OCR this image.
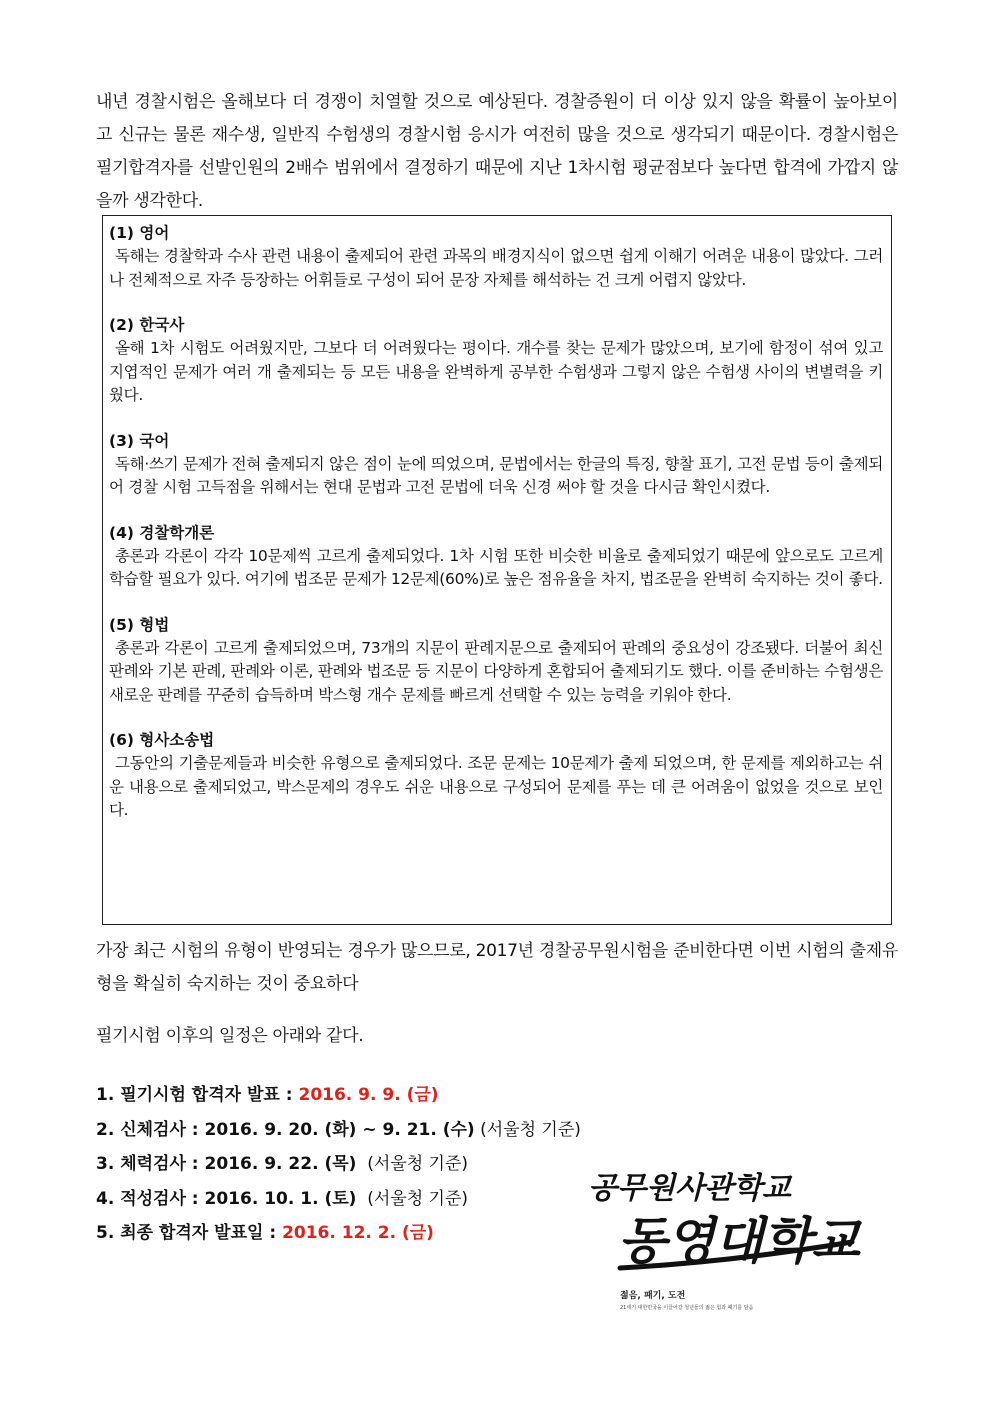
내년 경찰시험은 올해보다 더 경쟁이 치열할 것으로 예상된다. 경찰증원이 더 이상 있지 않을 확률이 높아보이고 신규는 물론 재수생, 일반직 수험생의 경찰시험 응시가 여전히 많을 것으로 생각되기 때문이다. 경찰시험은 필기합격자를 선발인원의 2배수 범위에서 결정하기 때문에 지난 1차시험 평균점보다 높다면 합격에 가깝지 않을까 생각한다.

(1) 영어

독해는 경찰학과 수사 관련 내용이 출제되어 관련 과목의 배경지식이 없으면 쉽게 이해기 어려운 내용이 많았다. 그러나 전체적으로 자주 등장하는 어휘들로 구성이 되어 문장 자체를 해석하는 건 크게 어렵지 않았다.

(2) 한국사

올해 1차 시험도 어려웠지만, 그보다 더 어려웠다는 평이다. 개수를 찾는 문제가 많았으며, 보기에 함정이 섞여 있고 지엽적인 문제가 여러 개 출제되는 등 모든 내용을 완벽하게 공부한 수험생과 그렇지 않은 수험생 사이의 변별력을 키웠다.

(3) 국어

독해·쓰기 문제가 전혀 출제되지 않은 점이 눈에 띄었으며, 문법에서는 한글의 특징, 향찰 표기, 고전 문법 등이 출제되어 경찰 시험 고득점을 위해서는 현대 문법과 고전 문법에 더욱 신경 써야 할 것을 다시금 확인시켰다.

(4) 경찰학개론

총론과 각론이 각각 10문제씩 고르게 출제되었다. 1차 시험 또한 비슷한 비율로 출제되었기 때문에 앞으로도 고르게 학습할 필요가 있다. 여기에 법조문 문제가 12문제(60%)로 높은 점유율을 차지, 법조문을 완벽히 숙지하는 것이 좋다.

(5) 형법

총론과 각론이 고르게 출제되었으며, 73개의 지문이 판례지문으로 출제되어 판례의 중요성이 강조됐다. 더불어 최신 판례와 기본 판례, 판례와 이론, 판례와 법조문 등 지문이 다양하게 혼합되어 출제되기도 했다. 이를 준비하는 수험생은 새로운 판례를 꾸준히 습득하며 박스형 개수 문제를 빠르게 선택할 수 있는 능력을 키워야 한다.

(6) 형사소송법

그동안의 기출문제들과 비슷한 유형으로 출제되었다. 조문 문제는 10문제가 출제 되었으며, 한 문제를 제외하고는 쉬운 내용으로 출제되었고, 박스문제의 경우도 쉬운 내용으로 구성되어 문제를 푸는 데 큰 어려움이 없었을 것으로 보인다.

가장 최근 시험의 유형이 반영되는 경우가 많으므로, 2017년 경찰공무원시험을 준비한다면 이번 시험의 출제유형을 확실히 숙지하는 것이 중요하다

필기시험 이후의 일정은 아래와 같다.

1. 필기시험 합격자 발표 : 2016. 9. 9. (금)
2. 신체검사 : 2016. 9. 20. (화) ~ 9. 21. (수) (서울청 기준)
3. 체력검사 : 2016. 9. 22. (목)  (서울청 기준)
4. 적성검사 : 2016. 10. 1. (토)  (서울청 기준)
5. 최종 합격자 발표일 : 2016. 12. 2. (금)
공무원사관학교
동영대학교
젊음, 패기, 도전
21세기 대한민국을 이끌어갈 청년들의 젊은 힘과 패기를 담음
